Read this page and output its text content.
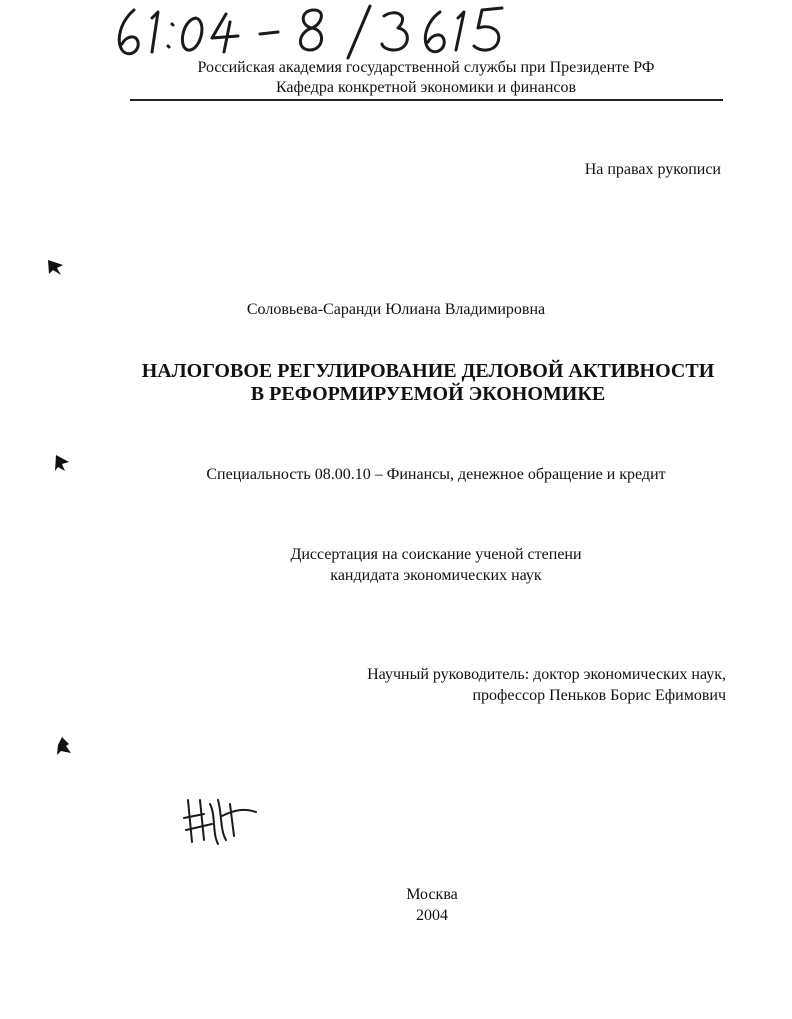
Российская академия государственной службы при Президенте РФ
Кафедра конкретной экономики и финансов
На правах рукописи
Соловьева-Саранди Юлиана Владимировна
НАЛОГОВОЕ РЕГУЛИРОВАНИЕ ДЕЛОВОЙ АКТИВНОСТИ
В РЕФОРМИРУЕМОЙ ЭКОНОМИКЕ
Специальность 08.00.10 – Финансы, денежное обращение и кредит
Диссертация на соискание ученой степени
кандидата экономических наук
Научный руководитель: доктор экономических наук,
профессор Пеньков Борис Ефимович
Москва
2004
